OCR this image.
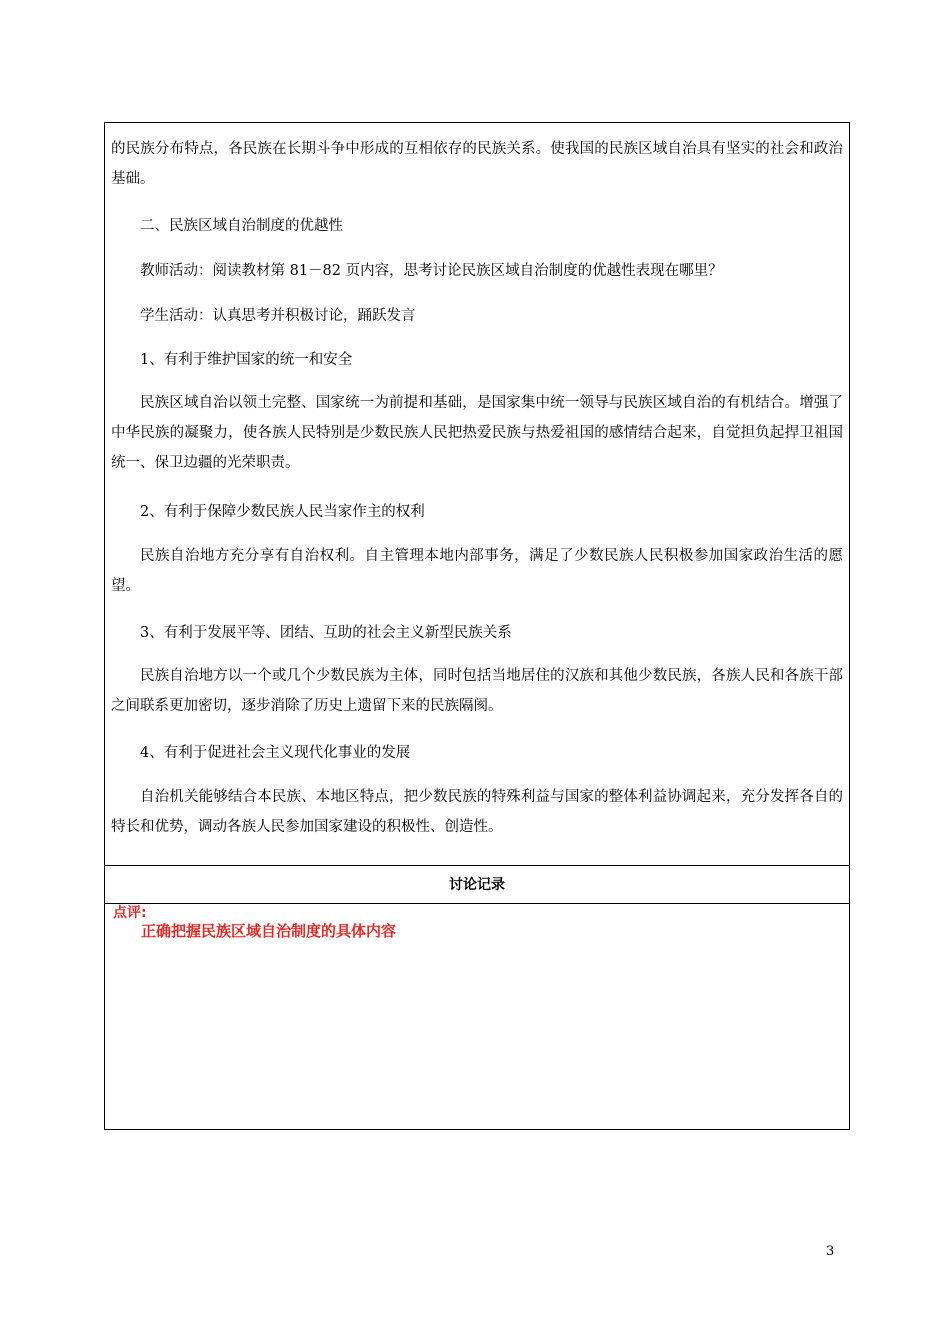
的民族分布特点，各民族在长期斗争中形成的互相依存的民族关系。使我国的民族区域自治具有坚实的社会和政治基础。
二、民族区域自治制度的优越性
教师活动：阅读教材第 81－82 页内容，思考讨论民族区域自治制度的优越性表现在哪里？
学生活动：认真思考并积极讨论，踊跃发言
1、有利于维护国家的统一和安全
民族区域自治以领土完整、国家统一为前提和基础，是国家集中统一领导与民族区域自治的有机结合。增强了中华民族的凝聚力，使各族人民特别是少数民族人民把热爱民族与热爱祖国的感情结合起来，自觉担负起捍卫祖国统一、保卫边疆的光荣职责。
2、有利于保障少数民族人民当家作主的权利
民族自治地方充分享有自治权利。自主管理本地内部事务，满足了少数民族人民积极参加国家政治生活的愿望。
3、有利于发展平等、团结、互助的社会主义新型民族关系
民族自治地方以一个或几个少数民族为主体，同时包括当地居住的汉族和其他少数民族，各族人民和各族干部之间联系更加密切，逐步消除了历史上遗留下来的民族隔阂。
4、有利于促进社会主义现代化事业的发展
自治机关能够结合本民族、本地区特点，把少数民族的特殊利益与国家的整体利益协调起来，充分发挥各自的特长和优势，调动各族人民参加国家建设的积极性、创造性。
讨论记录
点评:
正确把握民族区域自治制度的具体内容
3
